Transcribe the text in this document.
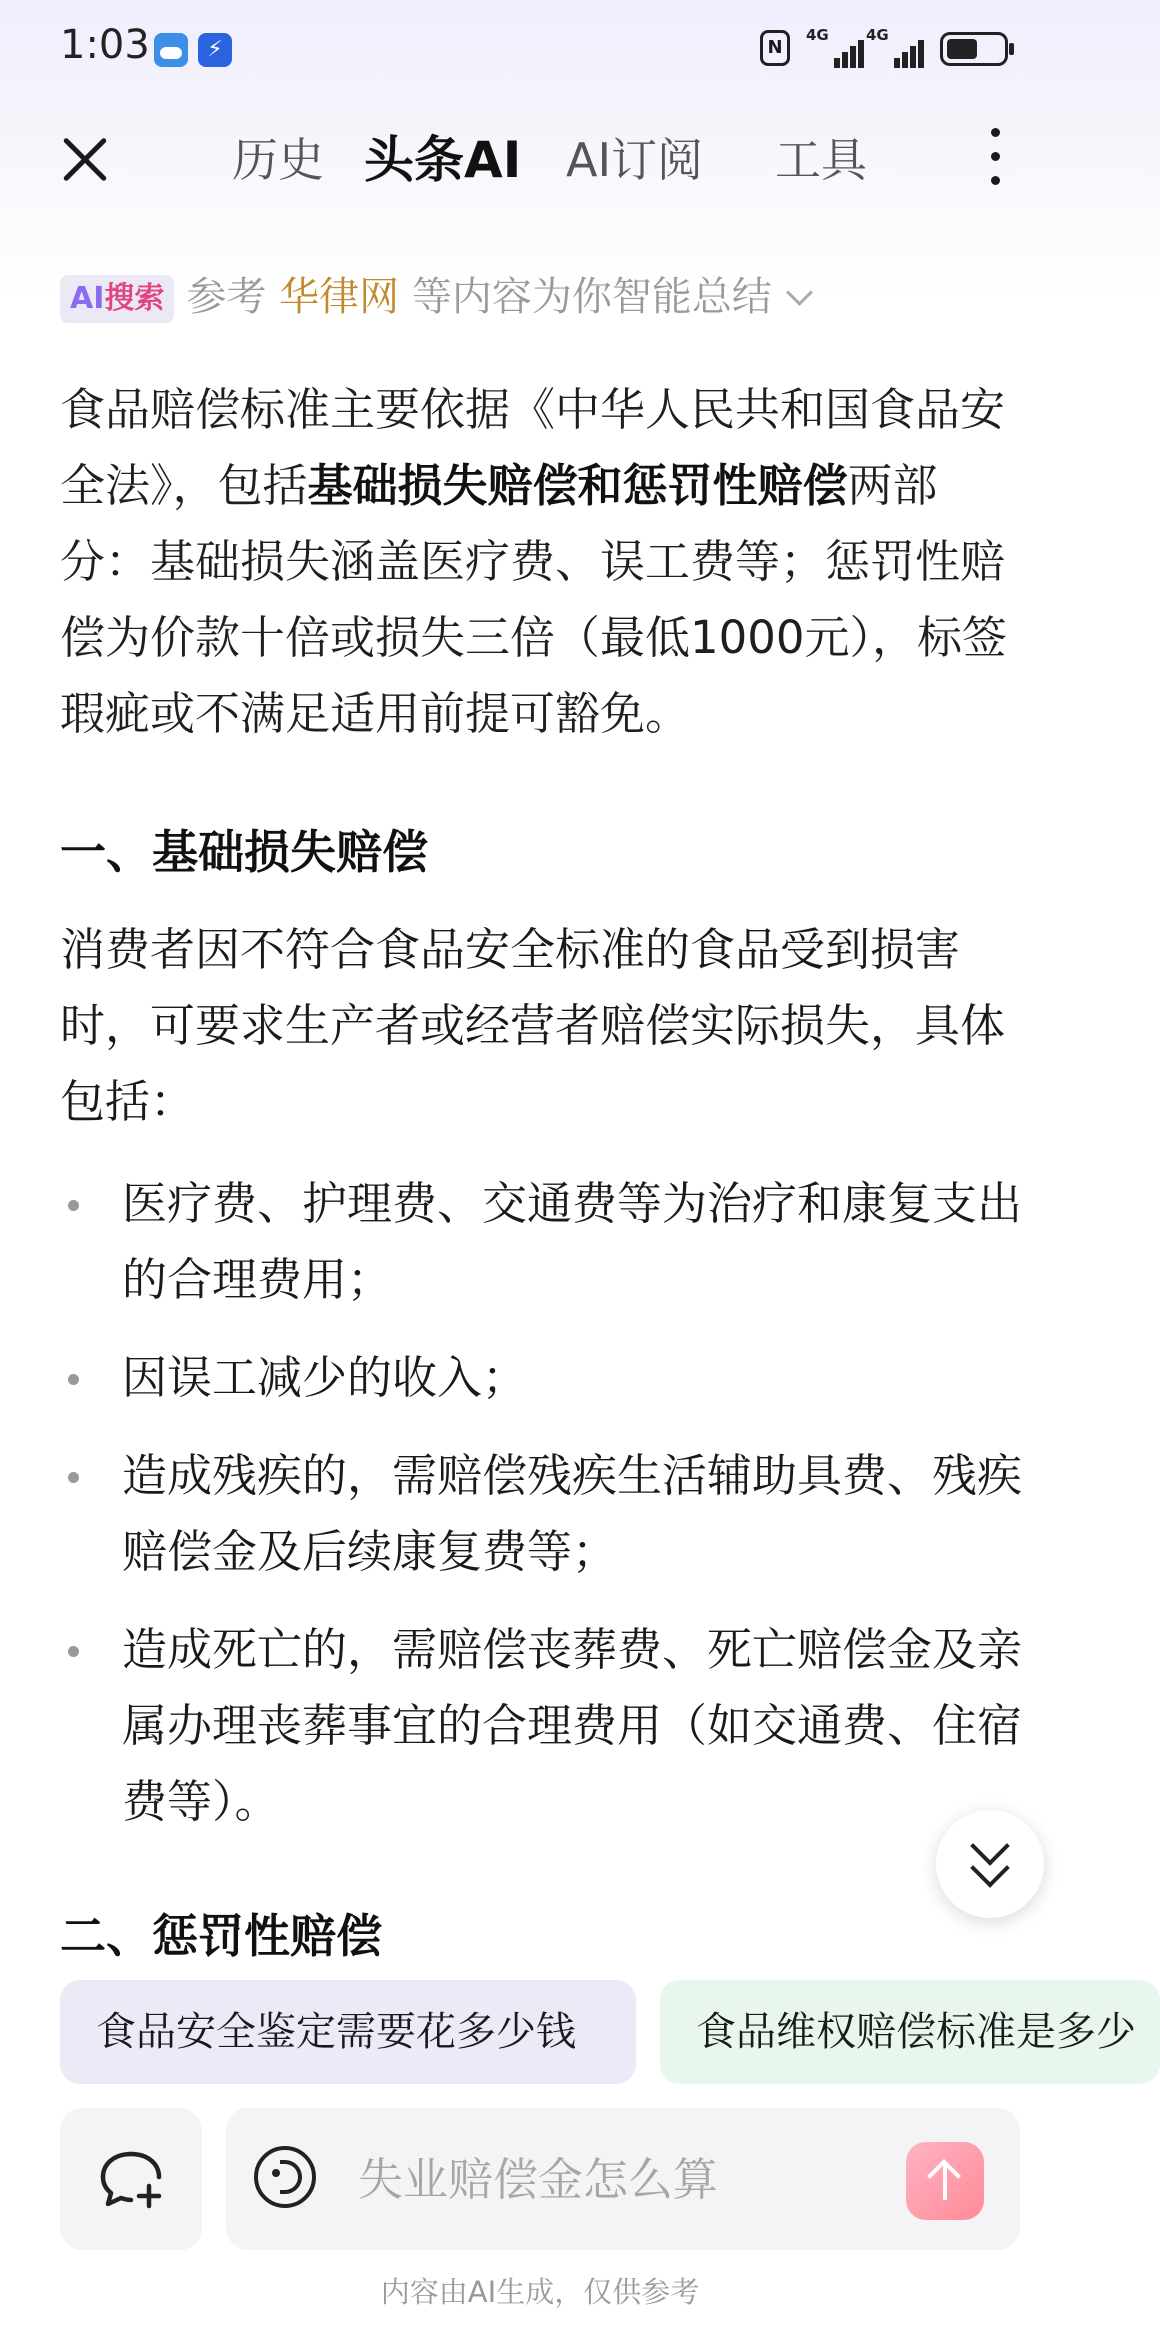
1:03	⚡	N
4G 4G
历史 头条AI AI订阅 工具
AI搜索 参考 华律网 等内容为你智能总结

食品赔偿标准主要依据《中华人民共和国食品安全法》，包括基础损失赔偿和惩罚性赔偿两部分：基础损失涵盖医疗费、误工费等；惩罚性赔偿为价款十倍或损失三倍（最低1000元），标签瑕疵或不满足适用前提可豁免。

一、基础损失赔偿

消费者因不符合食品安全标准的食品受到损害时，可要求生产者或经营者赔偿实际损失，具体包括：

医疗费、护理费、交通费等为治疗和康复支出的合理费用；
因误工减少的收入；
造成残疾的，需赔偿残疾生活辅助具费、残疾赔偿金及后续康复费等；
造成死亡的，需赔偿丧葬费、死亡赔偿金及亲属办理丧葬事宜的合理费用（如交通费、住宿费等）。
二、惩罚性赔偿
食品安全鉴定需要花多少钱	食品维权赔偿标准是多少
失业赔偿金怎么算
内容由AI生成，仅供参考
